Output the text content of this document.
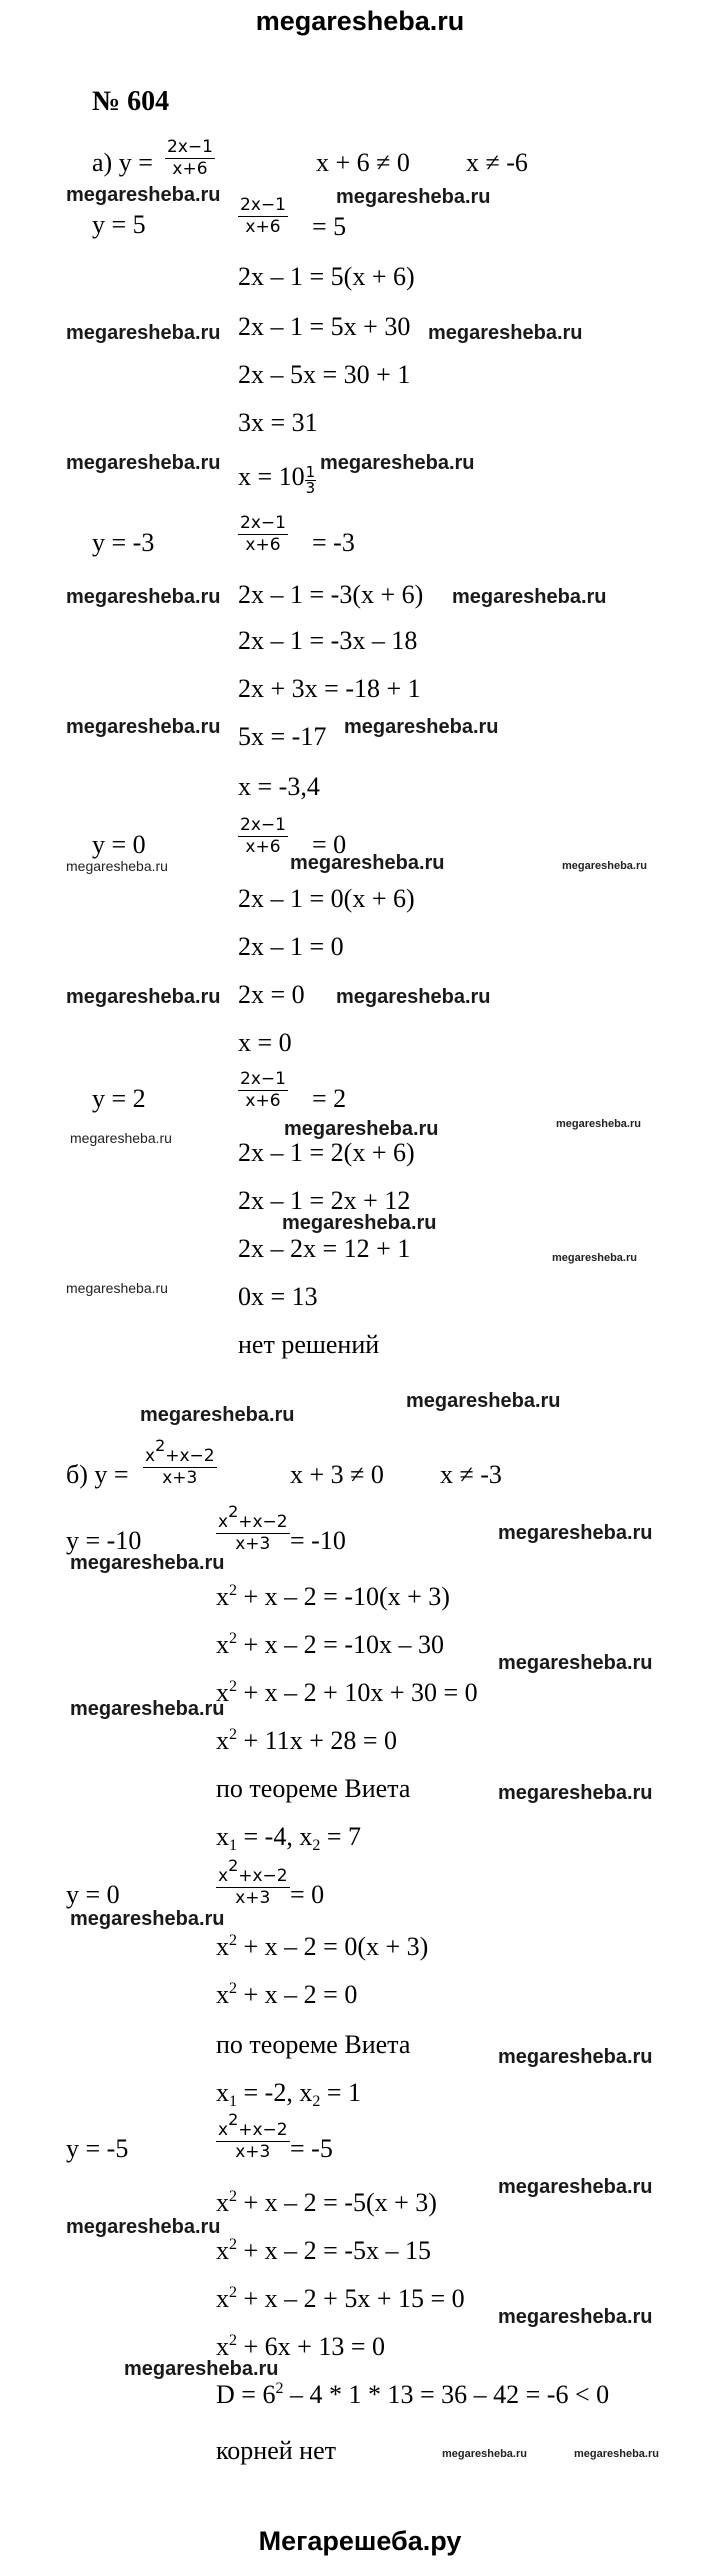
megaresheba.ru
Мегарешеба.ру
№ 604
а) $y = \frac{2x-1}{x+6}$	x + 6 ≠ 0 x ≠ -6
y = 5	$\frac{2x-1}{x+6} = 5$
2x – 1 = 5(x + 6)
2x – 1 = 5x + 30
2x – 5x = 30 + 1
3x = 31
$x = 10 \frac{1}{3}$
y = -3	$\frac{2x-1}{x+6} = -3$
2x – 1 = -3(x + 6)
2x – 1 = -3x – 18
2x + 3x = -18 + 1
5x = -17
x = -3,4
y = 0	$\frac{2x-1}{x+6} = 0$
2x – 1 = 0(x + 6)
2x – 1 = 0
2x = 0
x = 0
y = 2	$\frac{2x-1}{x+6} = 2$
2x – 1 = 2(x + 6)
2x – 1 = 2x + 12
2x – 2x = 12 + 1
0x = 13
нет решений
б) $y = \frac{x^2+x-2}{x+3}$	x + 3 ≠ 0 x ≠ -3
y = -10	$\frac{x^2+x-2}{x+3} = -10$
$x^2 + x - 2 = -10(x + 3)$
$x^2 + x - 2 = -10x - 30$
$x^2 + x - 2 + 10x + 30 = 0$
$x^2 + 11x + 28 = 0$
по теореме Виета
$x_1 = -4$, $x_2 = 7$
y = 0	$\frac{x^2+x-2}{x+3} = 0$
$x^2 + x - 2 = 0(x + 3)$
$x^2 + x - 2 = 0$
по теореме Виета
$x_1 = -2$, $x_2 = 1$
y = -5	$\frac{x^2+x-2}{x+3} = -5$
$x^2 + x - 2 = -5(x + 3)$
$x^2 + x - 2 = -5x - 15$
$x^2 + x - 2 + 5x + 15 = 0$
$x^2 + 6x + 13 = 0$
$D = 6^2 - 4 * 1 * 13 = 36 - 42 = -6 < 0$
корней нет
megaresheba.ru	megaresheba.ru
megaresheba.ru	megaresheba.ru
megaresheba.ru	megaresheba.ru
megaresheba.ru	megaresheba.ru
megaresheba.ru	megaresheba.ru
megaresheba.ru	megaresheba.ru	megaresheba.ru
megaresheba.ru	megaresheba.ru
megaresheba.ru
megaresheba.ru
megaresheba.ru
megaresheba.ru
megaresheba.ru
megaresheba.ru
megaresheba.ru
megaresheba.ru
megaresheba.ru
megaresheba.ru
megaresheba.ru
megaresheba.ru
megaresheba.ru
megaresheba.ru
megaresheba.ru
megaresheba.ru
megaresheba.ru
megaresheba.ru
megaresheba.ru
megaresheba.ru	megaresheba.ru
